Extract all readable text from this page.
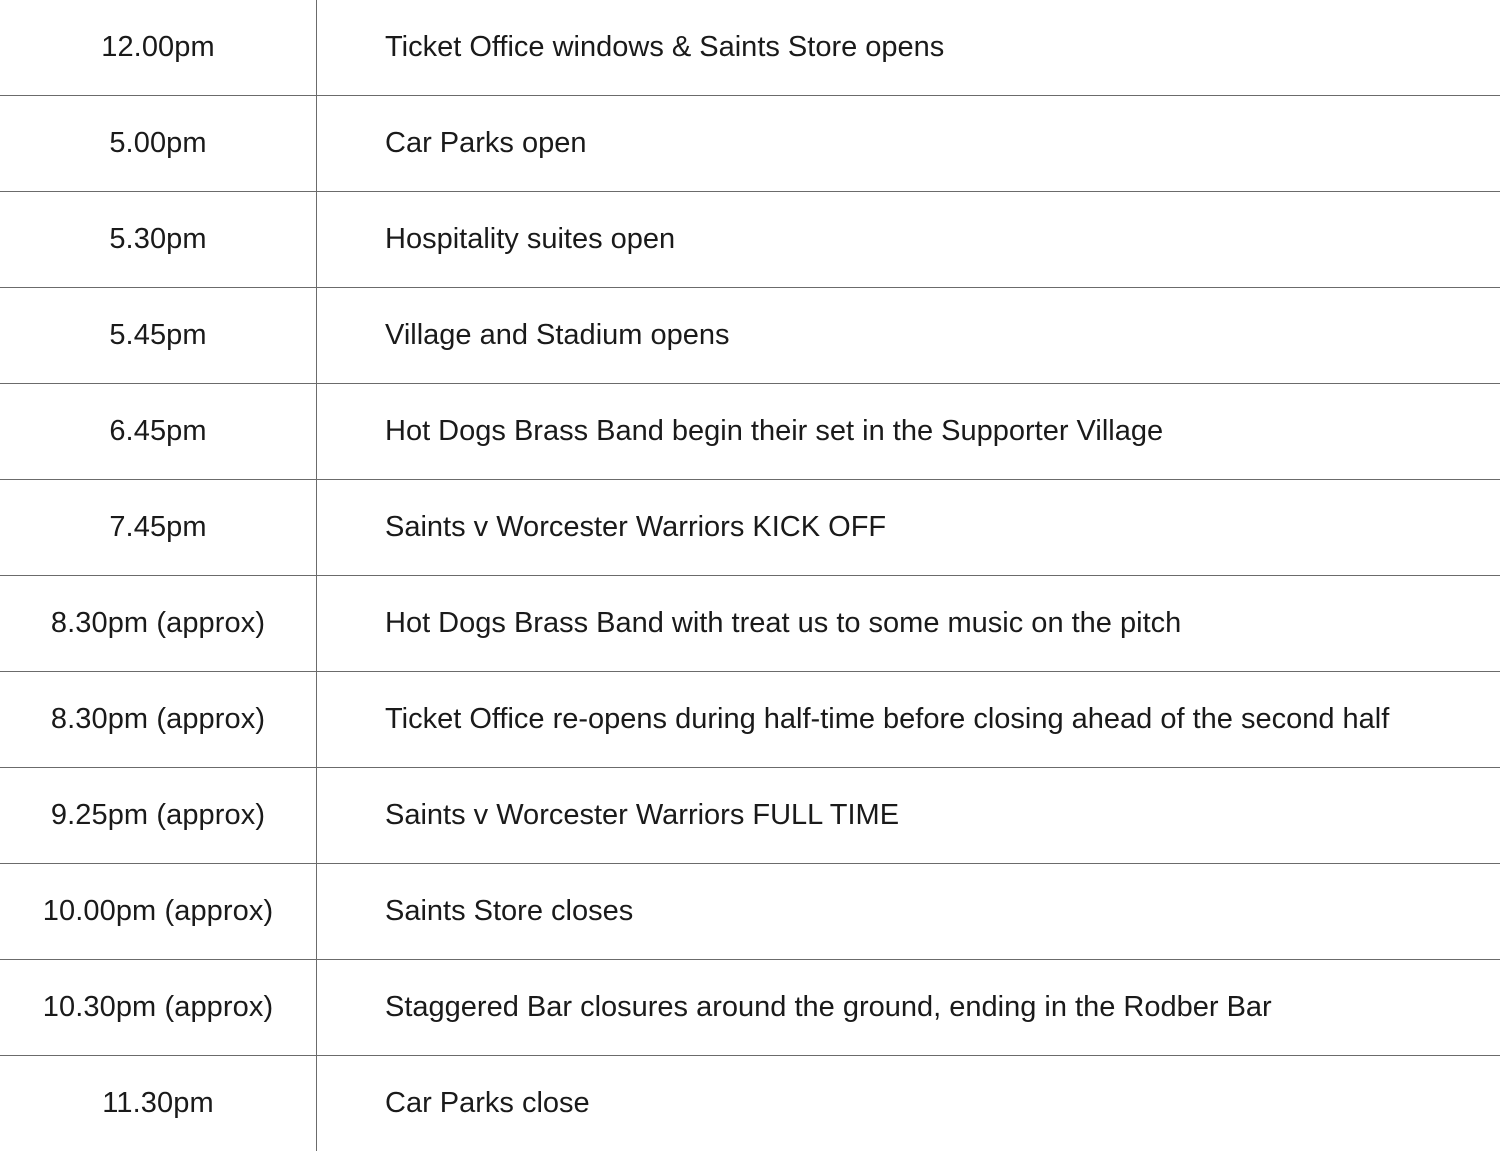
12.00pm	Ticket Office windows & Saints Store opens
5.00pm	Car Parks open
5.30pm	Hospitality suites open
5.45pm	Village and Stadium opens
6.45pm	Hot Dogs Brass Band begin their set in the Supporter Village
7.45pm	Saints v Worcester Warriors KICK OFF
8.30pm (approx)	Hot Dogs Brass Band with treat us to some music on the pitch
8.30pm (approx)	Ticket Office re-opens during half-time before closing ahead of the second half
9.25pm (approx)	Saints v Worcester Warriors FULL TIME
10.00pm (approx)	Saints Store closes
10.30pm (approx)	Staggered Bar closures around the ground, ending in the Rodber Bar
11.30pm	Car Parks close
